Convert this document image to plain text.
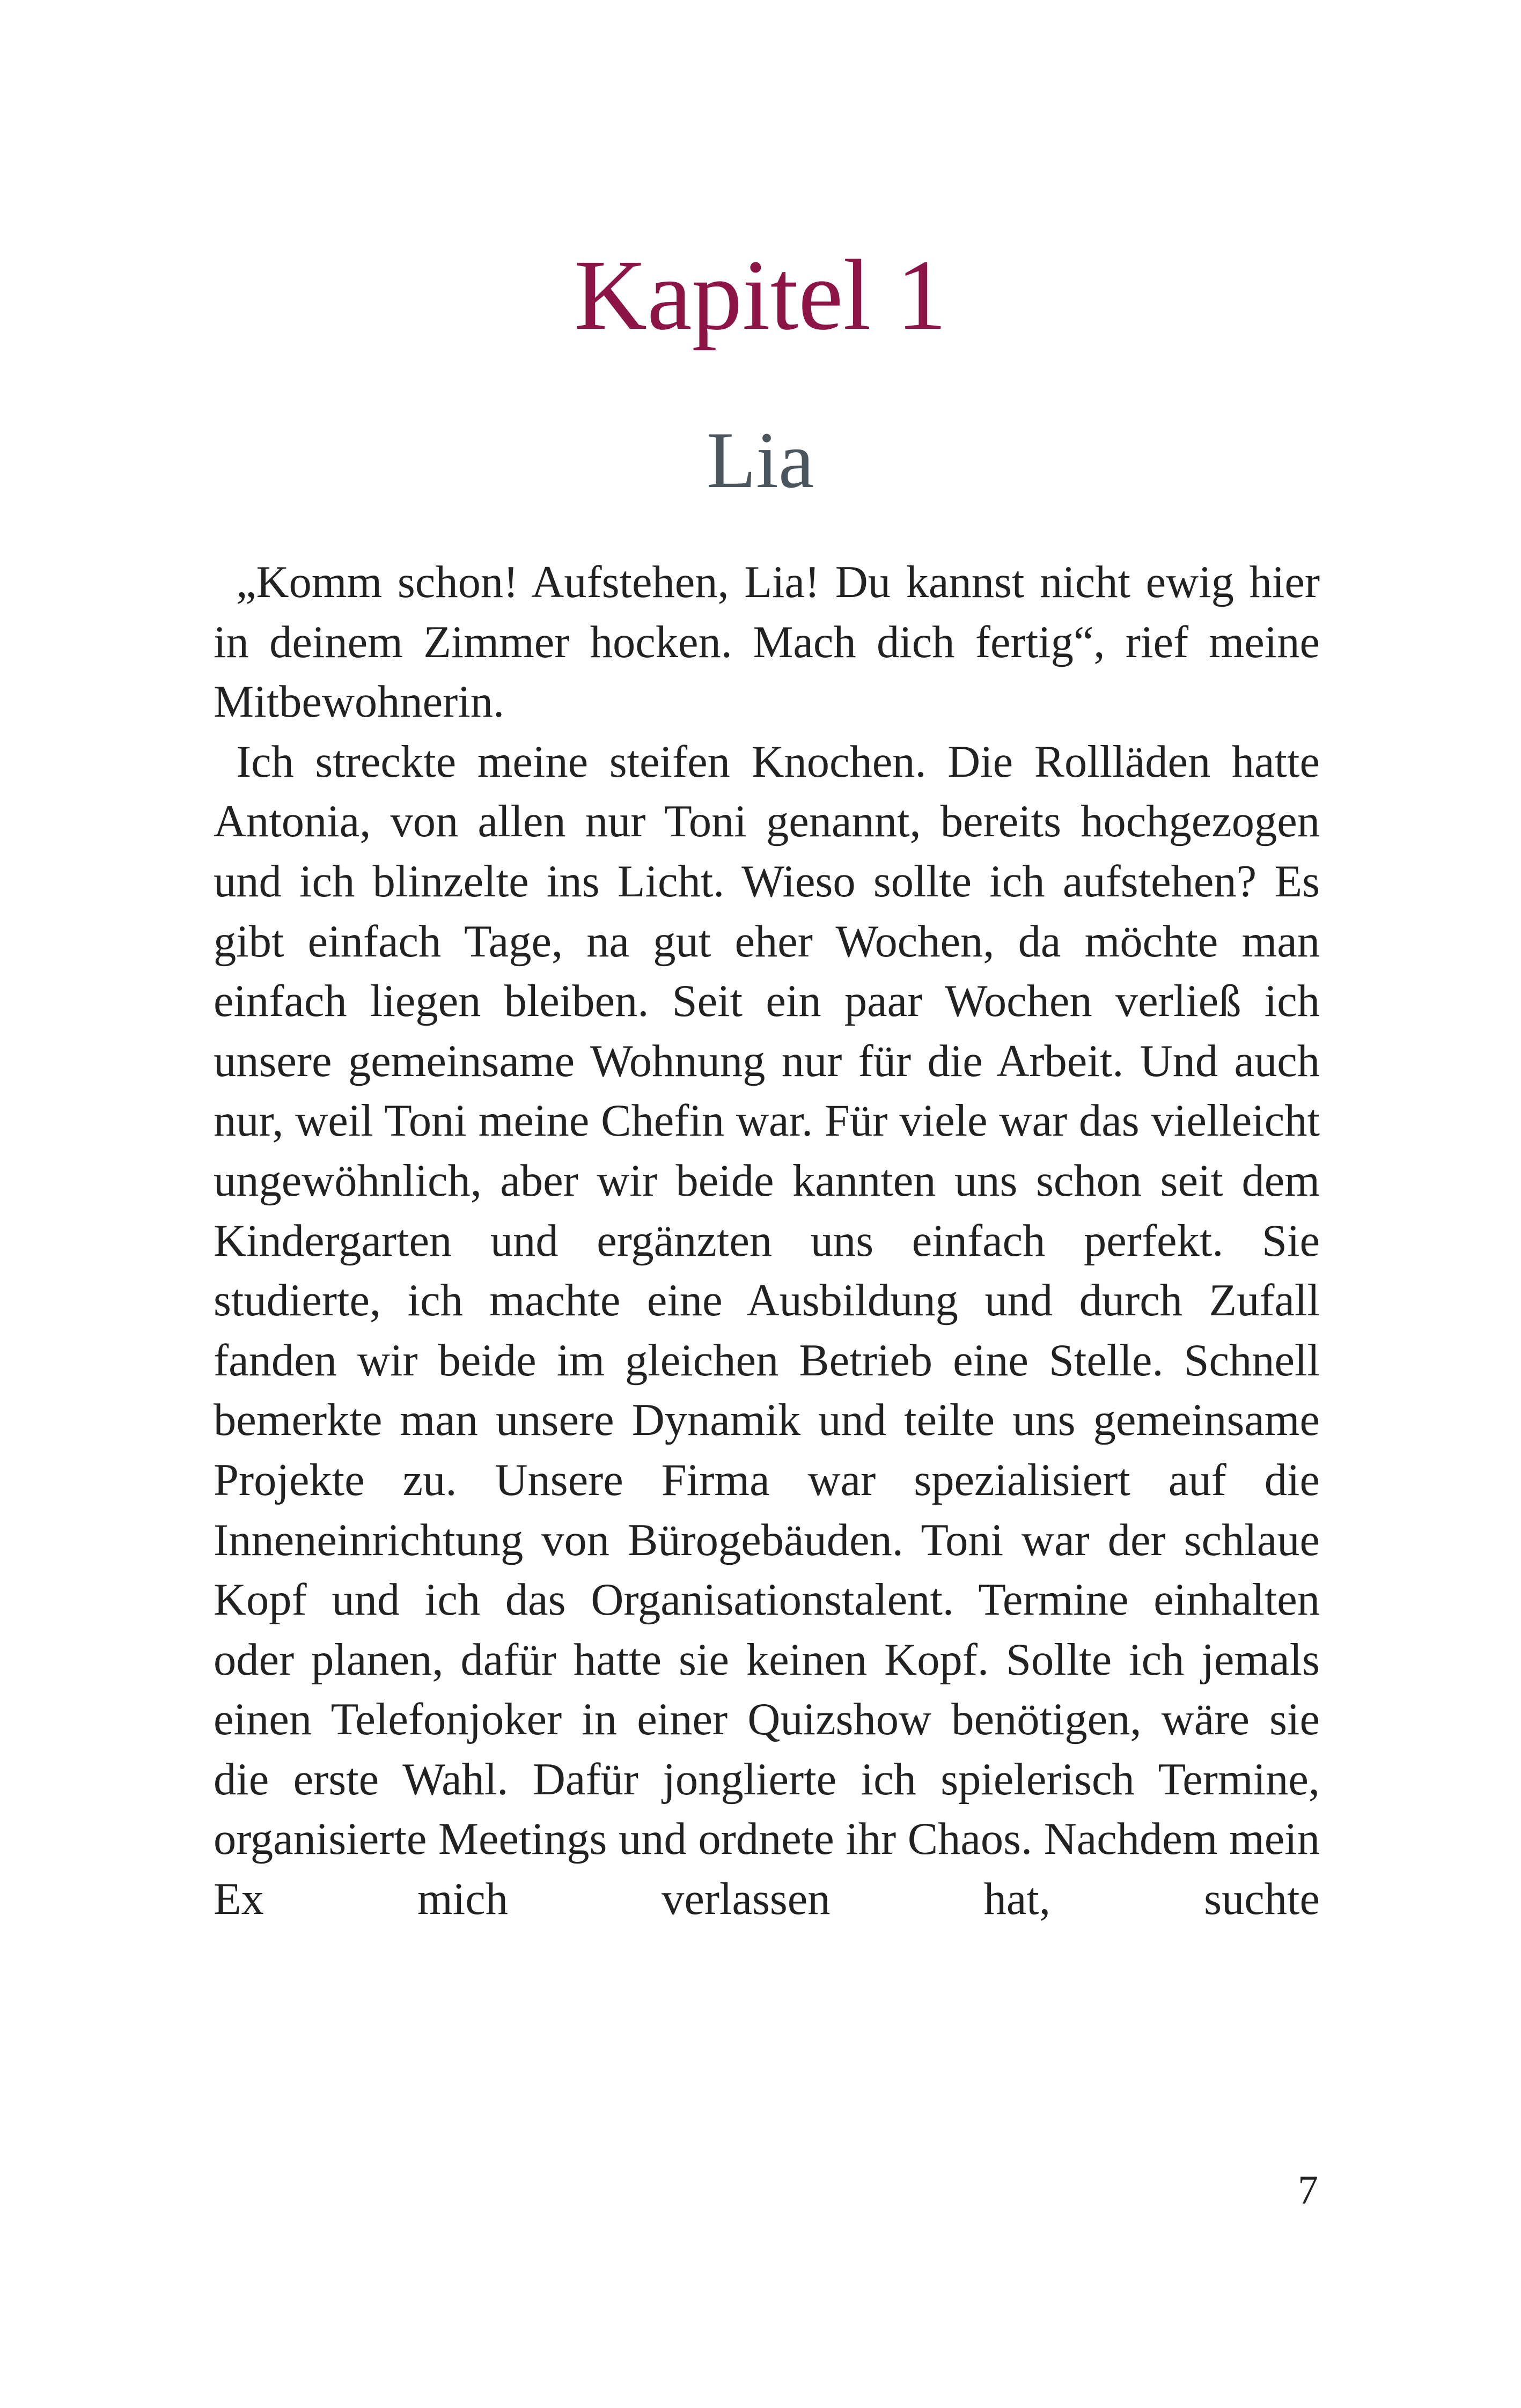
Kapitel 1
Lia

„Komm schon! Aufstehen, Lia! Du kannst nicht ewig hier in deinem Zimmer hocken. Mach dich fertig“, rief meine Mitbewohnerin.

Ich streckte meine steifen Knochen. Die Rollläden hatte Antonia, von allen nur Toni genannt, bereits hochgezogen und ich blinzelte ins Licht. Wieso sollte ich aufstehen? Es gibt einfach Tage, na gut eher Wochen, da möchte man einfach liegen bleiben. Seit ein paar Wochen verließ ich unsere gemeinsame Wohnung nur für die Arbeit. Und auch nur, weil Toni meine Chefin war. Für viele war das vielleicht ungewöhnlich, aber wir beide kannten uns schon seit dem Kindergarten und ergänzten uns einfach perfekt. Sie studierte, ich machte eine Ausbildung und durch Zufall fanden wir beide im gleichen Betrieb eine Stelle. Schnell bemerkte man unsere Dynamik und teilte uns gemeinsame Projekte zu. Unsere Firma war spezialisiert auf die Inneneinrichtung von Bürogebäuden. Toni war der schlaue Kopf und ich das Organisationstalent. Termine einhalten oder planen, dafür hatte sie keinen Kopf. Sollte ich jemals einen Telefonjoker in einer Quizshow benötigen, wäre sie die erste Wahl. Dafür jonglierte ich spielerisch Termine, organisierte Meetings und ordnete ihr Chaos. Nachdem mein Ex mich verlassen hat, suchte

7
